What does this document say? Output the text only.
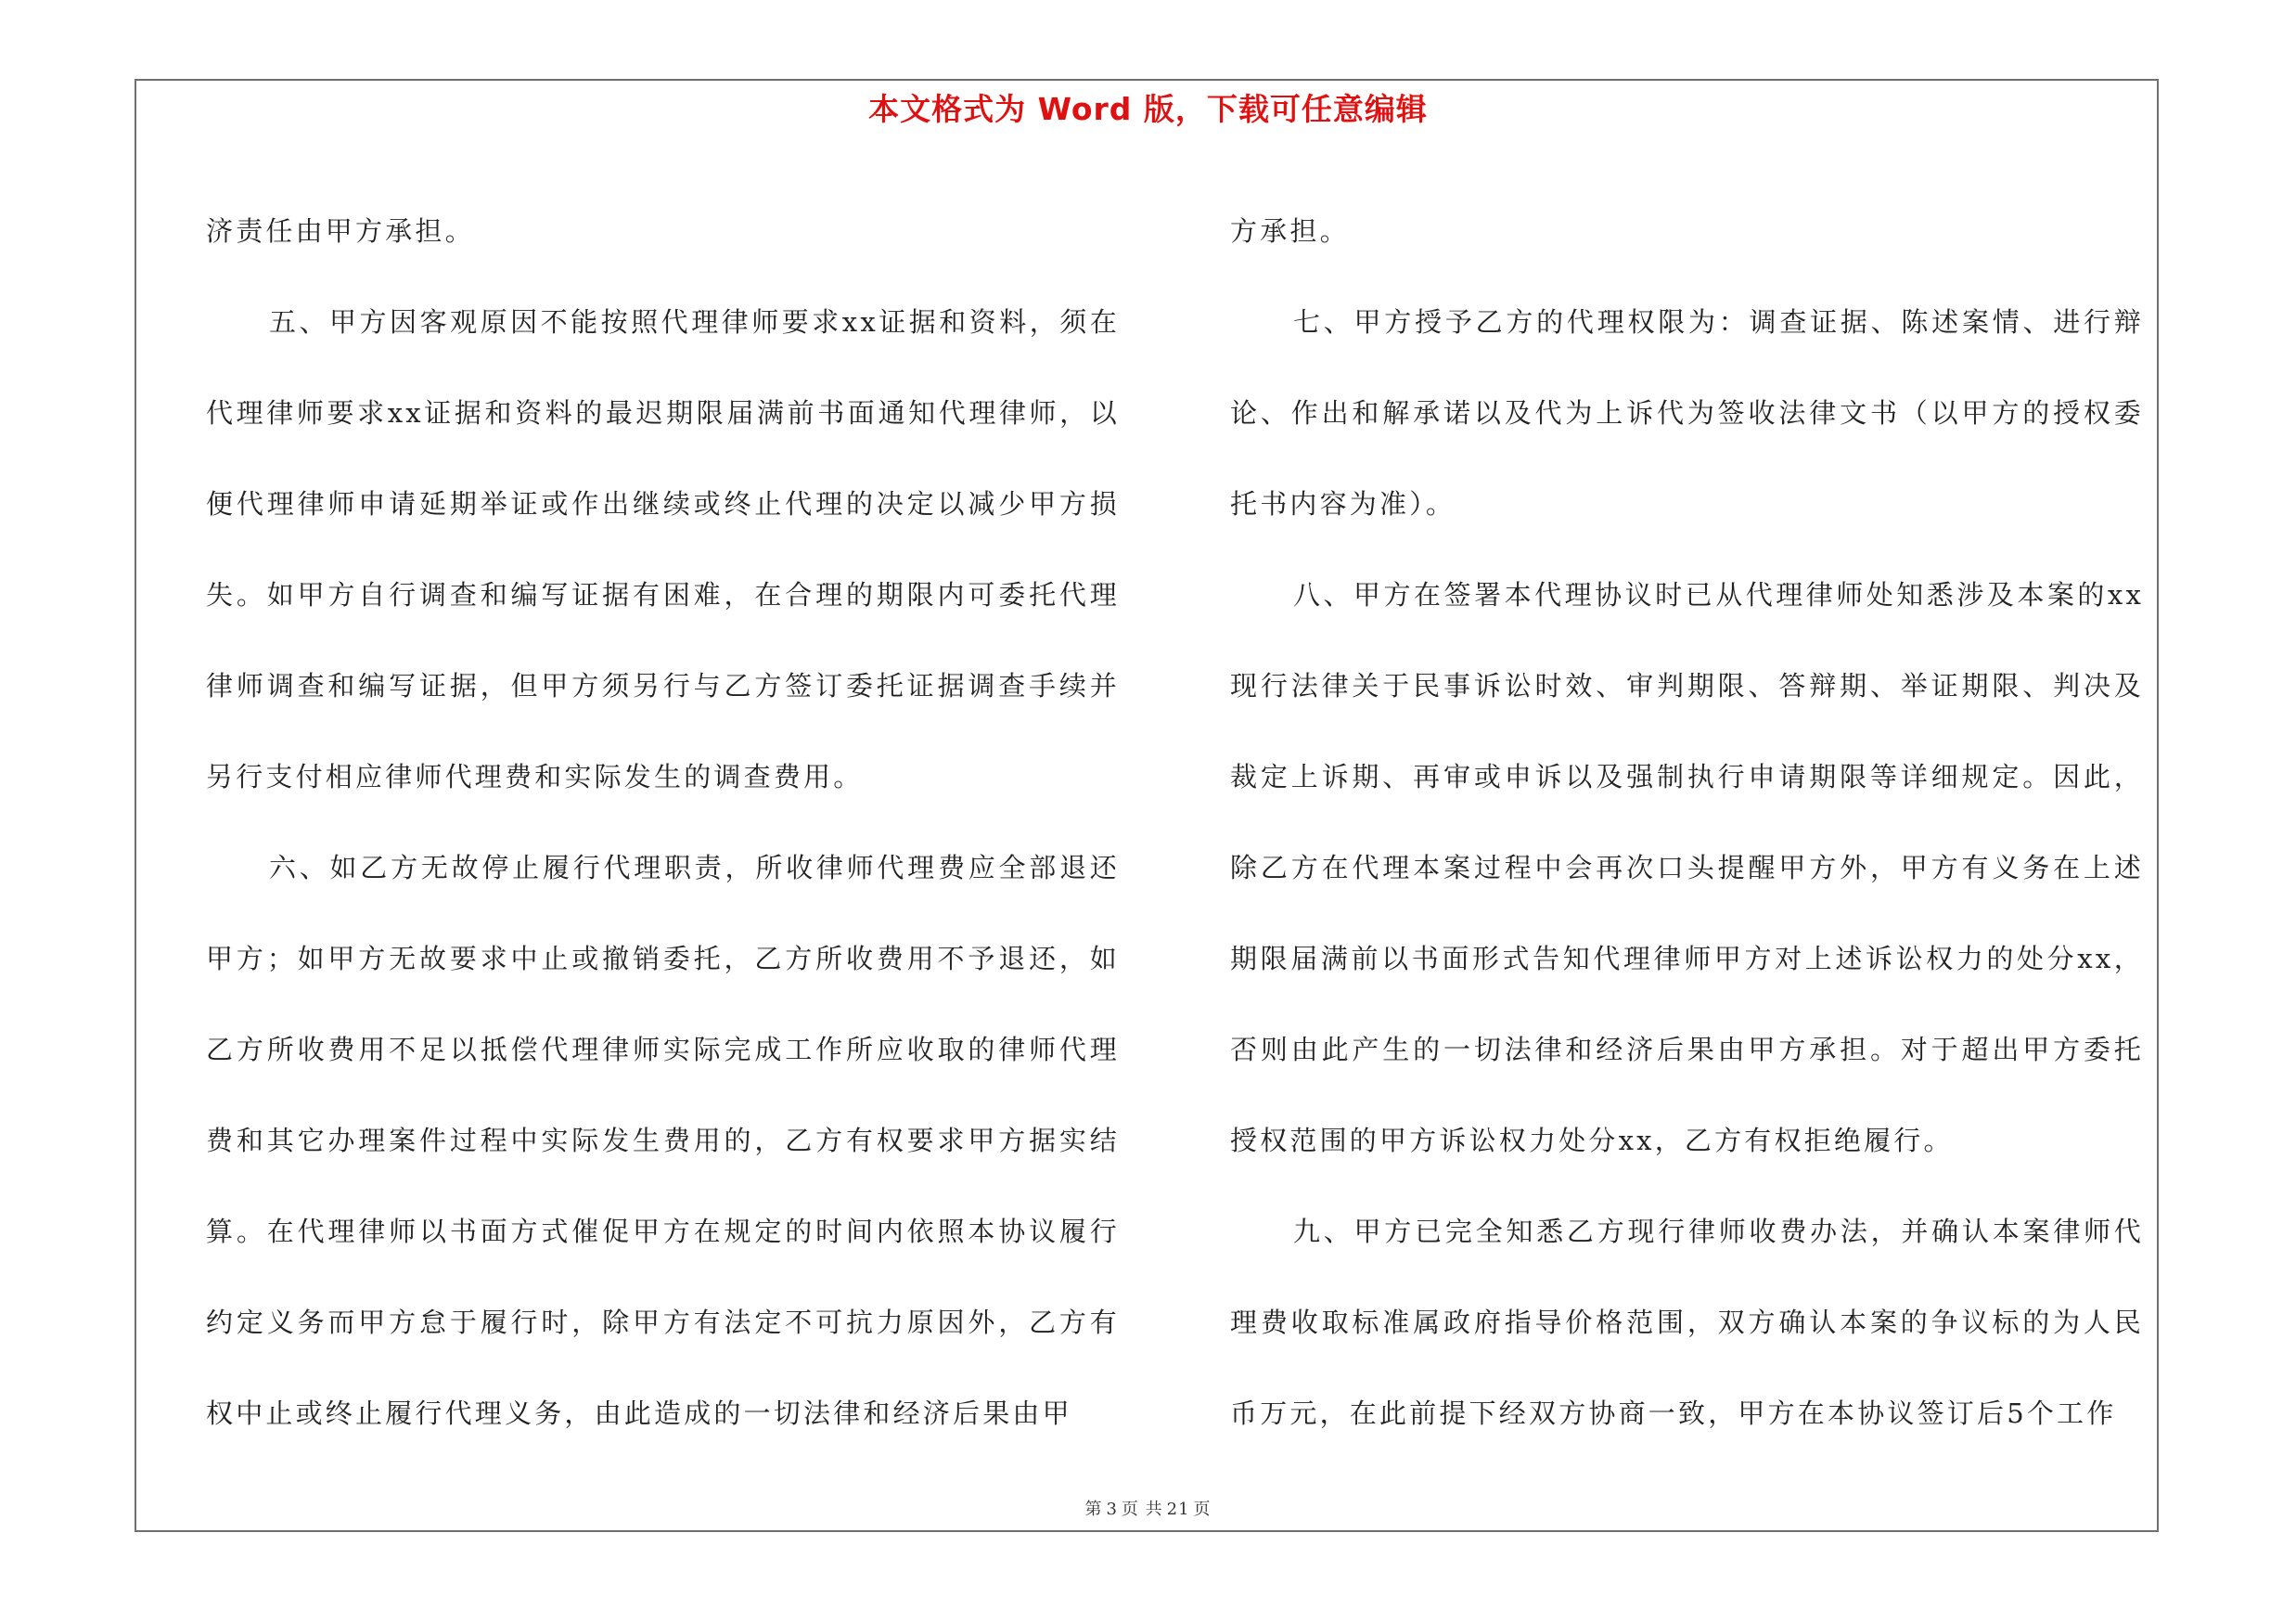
本文格式为 Word 版，下载可任意编辑

济责任由甲方承担。

五、甲方因客观原因不能按照代理律师要求xx证据和资料，须在代理律师要求xx证据和资料的最迟期限届满前书面通知代理律师，以便代理律师申请延期举证或作出继续或终止代理的决定以减少甲方损失。如甲方自行调查和编写证据有困难，在合理的期限内可委托代理律师调查和编写证据，但甲方须另行与乙方签订委托证据调查手续并另行支付相应律师代理费和实际发生的调查费用。

六、如乙方无故停止履行代理职责，所收律师代理费应全部退还甲方；如甲方无故要求中止或撤销委托，乙方所收费用不予退还，如乙方所收费用不足以抵偿代理律师实际完成工作所应收取的律师代理费和其它办理案件过程中实际发生费用的，乙方有权要求甲方据实结算。在代理律师以书面方式催促甲方在规定的时间内依照本协议履行约定义务而甲方怠于履行时，除甲方有法定不可抗力原因外，乙方有权中止或终止履行代理义务，由此造成的一切法律和经济后果由甲

方承担。

七、甲方授予乙方的代理权限为：调查证据、陈述案情、进行辩论、作出和解承诺以及代为上诉代为签收法律文书（以甲方的授权委托书内容为准）。

八、甲方在签署本代理协议时已从代理律师处知悉涉及本案的xx现行法律关于民事诉讼时效、审判期限、答辩期、举证期限、判决及裁定上诉期、再审或申诉以及强制执行申请期限等详细规定。因此，除乙方在代理本案过程中会再次口头提醒甲方外，甲方有义务在上述期限届满前以书面形式告知代理律师甲方对上述诉讼权力的处分xx，否则由此产生的一切法律和经济后果由甲方承担。对于超出甲方委托授权范围的甲方诉讼权力处分xx，乙方有权拒绝履行。

九、甲方已完全知悉乙方现行律师收费办法，并确认本案律师代理费收取标准属政府指导价格范围，双方确认本案的争议标的为人民币万元，在此前提下经双方协商一致，甲方在本协议签订后5个工作

第 3 页 共 21 页
